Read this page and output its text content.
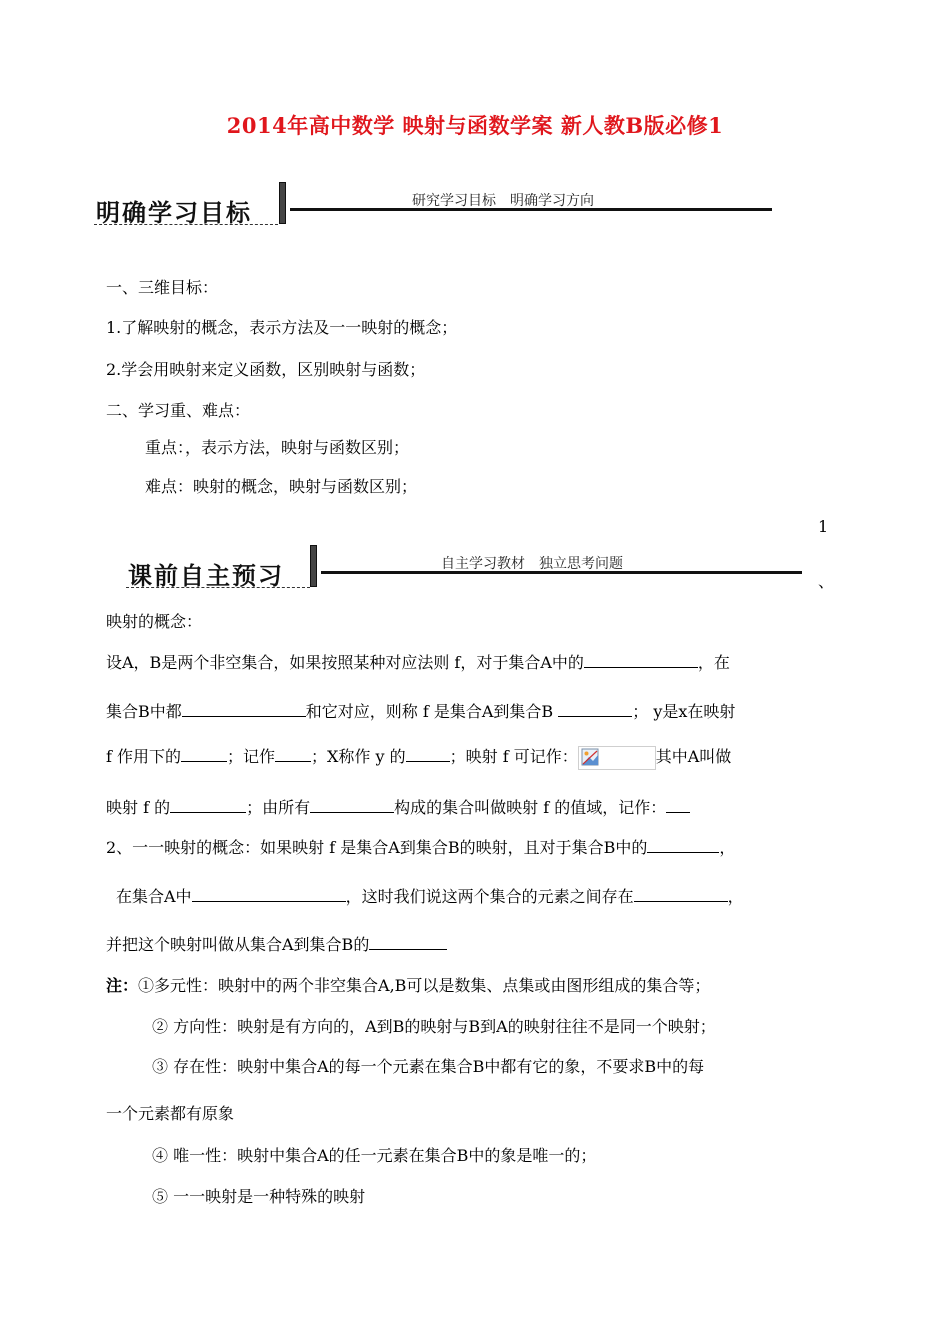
2014年高中数学 映射与函数学案 新人教B版必修1
明确学习目标	研究学习目标　明确学习方向
一、三维目标：
1.了解映射的概念，表示方法及一一映射的概念；
2.学会用映射来定义函数，区别映射与函数；
二、学习重、难点：
重点：，表示方法，映射与函数区别；
难点：映射的概念，映射与函数区别；
1
、
课前自主预习	自主学习教材　独立思考问题
映射的概念：
设A，B是两个非空集合，如果按照某种对应法则 f，对于集合A中的	，在
集合B中都	和它对应，则称 f 是集合A到集合B	； y是x在映射
f 作用下的	；记作 ；X称作 y 的	；映射 f 可记作：	其中A叫做
映射 f 的	；由所有	构成的集合叫做映射 f 的值域，记作：
2、一一映射的概念：如果映射 f 是集合A到集合B的映射，且对于集合B中的	，
在集合A中	，这时我们说这两个集合的元素之间存在	，
并把这个映射叫做从集合A到集合B的
注：①多元性：映射中的两个非空集合A,B可以是数集、点集或由图形组成的集合等；
② 方向性：映射是有方向的，A到B的映射与B到A的映射往往不是同一个映射；
③ 存在性：映射中集合A的每一个元素在集合B中都有它的象，不要求B中的每
一个元素都有原象
④ 唯一性：映射中集合A的任一元素在集合B中的象是唯一的；
⑤ 一一映射是一种特殊的映射
